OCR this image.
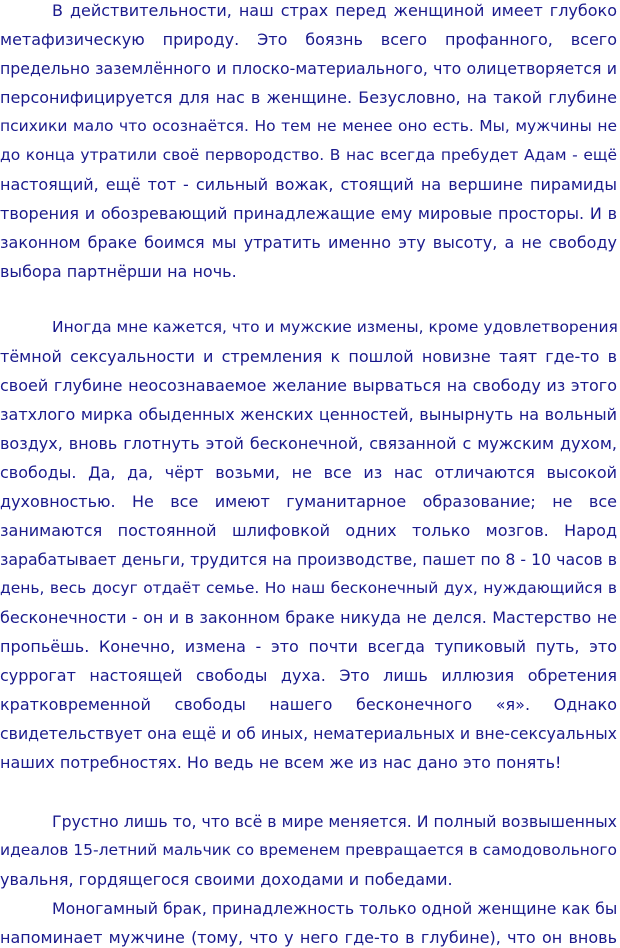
В действительности, наш страх перед женщиной имеет глубоко
метафизическую природу. Это боязнь всего профанного, всего
предельно заземлённого и плоско-материального, что олицетворяется и
персонифицируется для нас в женщине. Безусловно, на такой глубине
психики мало что осознаётся. Но тем не менее оно есть. Мы, мужчины не
до конца утратили своё первородство. В нас всегда пребудет Адам - ещё
настоящий, ещё тот - сильный вожак, стоящий на вершине пирамиды
творения и обозревающий принадлежащие ему мировые просторы. И в
законном браке боимся мы утратить именно эту высоту, а не свободу
выбора партнёрши на ночь.
Иногда мне кажется, что и мужские измены, кроме удовлетворения
тёмной сексуальности и стремления к пошлой новизне таят где-то в
своей глубине неосознаваемое желание вырваться на свободу из этого
затхлого мирка обыденных женских ценностей, вынырнуть на вольный
воздух, вновь глотнуть этой бесконечной, связанной с мужским духом,
свободы. Да, да, чёрт возьми, не все из нас отличаются высокой
духовностью. Не все имеют гуманитарное образование; не все
занимаются постоянной шлифовкой одних только мозгов. Народ
зарабатывает деньги, трудится на производстве, пашет по 8 - 10 часов в
день, весь досуг отдаёт семье. Но наш бесконечный дух, нуждающийся в
бесконечности - он и в законном браке никуда не делся. Мастерство не
пропьёшь. Конечно, измена - это почти всегда тупиковый путь, это
суррогат настоящей свободы духа. Это лишь иллюзия обретения
кратковременной свободы нашего бесконечного «я». Однако
свидетельствует она ещё и об иных, нематериальных и вне-сексуальных
наших потребностях. Но ведь не всем же из нас дано это понять!
Грустно лишь то, что всё в мире меняется. И полный возвышенных
идеалов 15-летний мальчик со временем превращается в самодовольного
увальня, гордящегося своими доходами и победами.
Моногамный брак, принадлежность только одной женщине как бы
напоминает мужчине (тому, что у него где-то в глубине), что он вновь
